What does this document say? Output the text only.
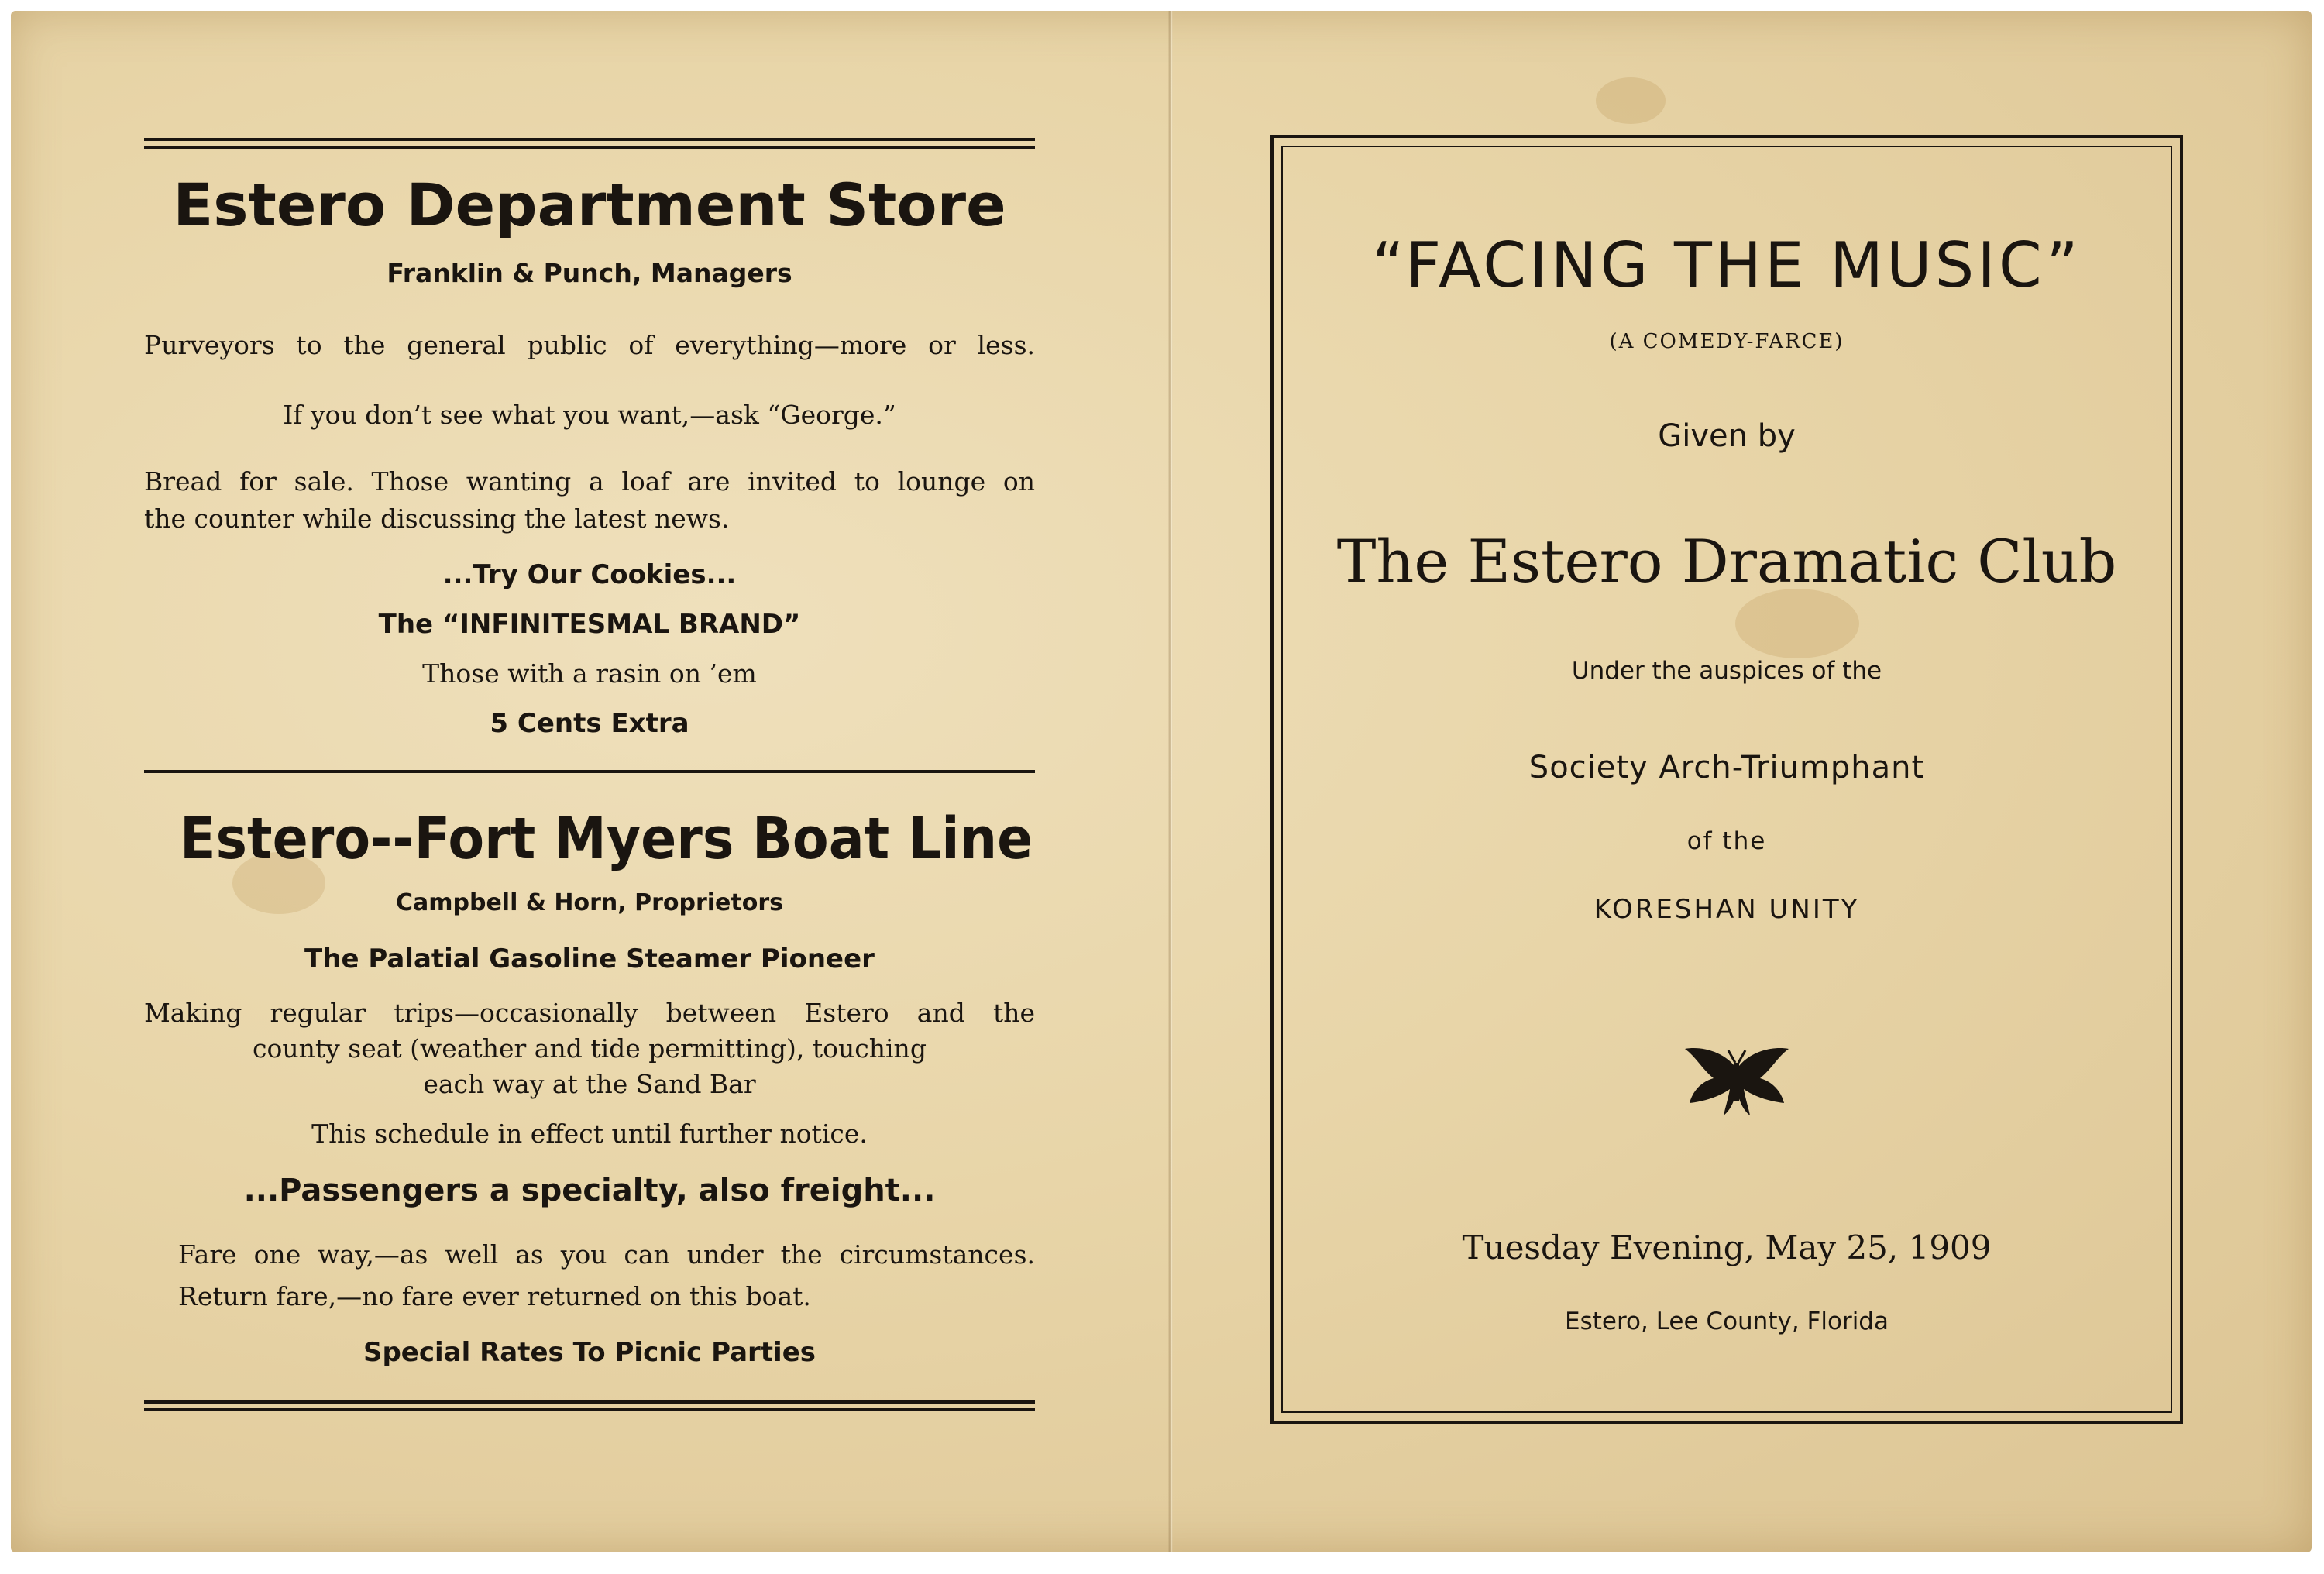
Estero Department Store
Franklin & Punch, Managers
Purveyors to the general public of everything—more or less.
If you don’t see what you want,—ask “George.”
Bread for sale. Those wanting a loaf are invited to lounge on
the counter while discussing the latest news.
...Try Our Cookies...
The “INFINITESMAL BRAND”
Those with a rasin on ’em
5 Cents Extra
Estero--Fort Myers Boat Line
Campbell & Horn, Proprietors
The Palatial Gasoline Steamer Pioneer
Making regular trips—occasionally between Estero and the
county seat (weather and tide permitting), touching
each way at the Sand Bar
This schedule in effect until further notice.
...Passengers a specialty, also freight...
Fare one way,—as well as you can under the circumstances.
Return fare,—no fare ever returned on this boat.
Special Rates To Picnic Parties
“FACING THE MUSIC”
(A COMEDY-FARCE)
Given by
The Estero Dramatic Club
Under the auspices of the
Society Arch-Triumphant
of the
KORESHAN UNITY
Tuesday Evening, May 25, 1909
Estero, Lee County, Florida
